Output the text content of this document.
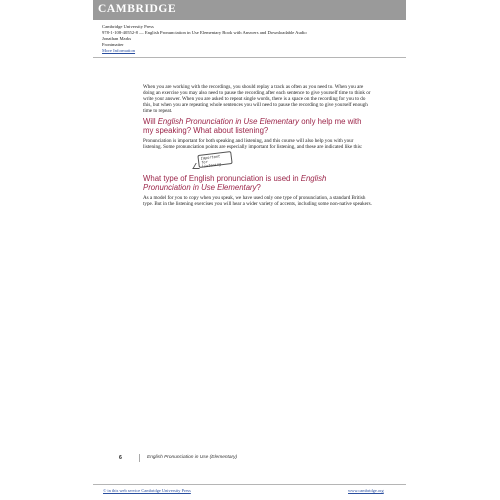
CAMBRIDGE
Cambridge University Press
978-1-108-40552-8 — English Pronunciation in Use Elementary Book with Answers and Downloadable Audio
Jonathan Marks
Frontmatter
More Information

When you are working with the recordings, you should replay a track as often as you need to. When you are doing an exercise you may also need to pause the recording after each sentence to give yourself time to think or write your answer. When you are asked to repeat single words, there is a space on the recording for you to do this, but when you are repeating whole sentences you will need to pause the recording to give yourself enough time to repeat.

Will English Pronunciation in Use Elementary only help me with my speaking? What about listening?

Pronunciation is important for both speaking and listening, and this course will also help you with your listening. Some pronunciation points are especially important for listening, and these are indicated like this:

Important for listening
What type of English pronunciation is used in English Pronunciation in Use Elementary?

As a model for you to copy when you speak, we have used only one type of pronunciation, a standard British type. But in the listening exercises you will hear a wider variety of accents, including some non-native speakers.

6	English Pronunciation in Use (Elementary)
© in this web service Cambridge University Press	www.cambridge.org
